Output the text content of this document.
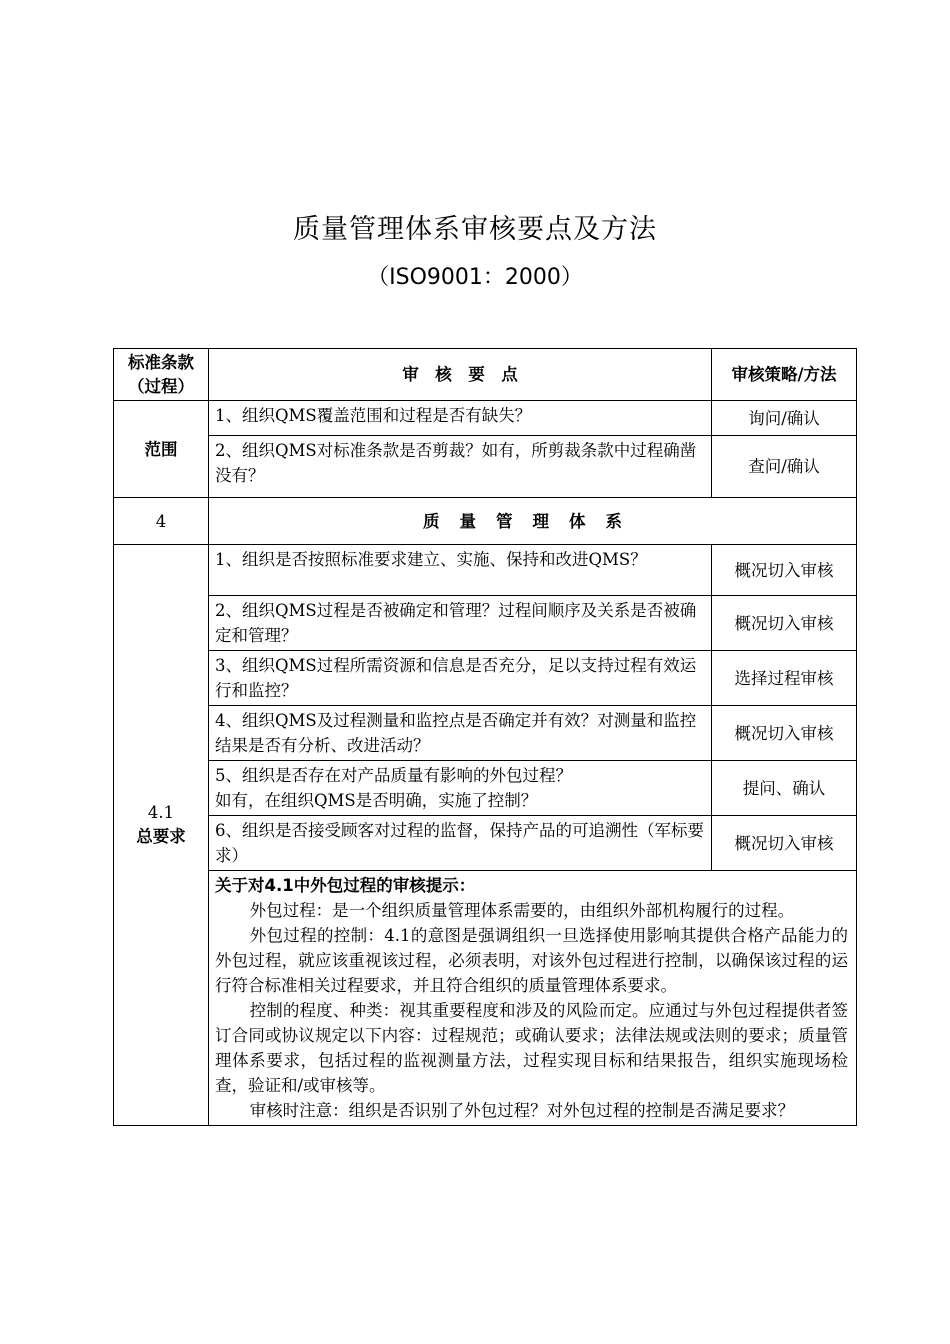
质量管理体系审核要点及方法
（ISO9001：2000）
标准条款（过程）	审　核　要　点	审核策略/方法
范围	1、组织QMS覆盖范围和过程是否有缺失？	询问/确认
	2、组织QMS对标准条款是否剪裁？如有，所剪裁条款中过程确凿没有？	查问/确认
4	质量管理体系	

4.1
总要求	1、组织是否按照标准要求建立、实施、保持和改进QMS？	概况切入审核
	2、组织QMS过程是否被确定和管理？过程间顺序及关系是否被确定和管理？	概况切入审核
	3、组织QMS过程所需资源和信息是否充分，足以支持过程有效运行和监控？	选择过程审核
	4、组织QMS及过程测量和监控点是否确定并有效？对测量和监控结果是否有分析、改进活动？	概况切入审核

	5、组织是否存在对产品质量有影响的外包过程？
如有，在组织QMS是否明确，实施了控制？	提问、确认
	6、组织是否接受顾客对过程的监督，保持产品的可追溯性（军标要求）	概况切入审核

	关于对4.1中外包过程的审核提示：

外包过程：是一个组织质量管理体系需要的，由组织外部机构履行的过程。

外包过程的控制：4.1的意图是强调组织一旦选择使用影响其提供合格产品能力的外包过程，就应该重视该过程，必须表明，对该外包过程进行控制，以确保该过程的运行符合标准相关过程要求，并且符合组织的质量管理体系要求。

控制的程度、种类：视其重要程度和涉及的风险而定。应通过与外包过程提供者签订合同或协议规定以下内容：过程规范；或确认要求；法律法规或法则的要求；质量管理体系要求，包括过程的监视测量方法，过程实现目标和结果报告，组织实施现场检查，验证和/或审核等。

审核时注意：组织是否识别了外包过程？对外包过程的控制是否满足要求？	
